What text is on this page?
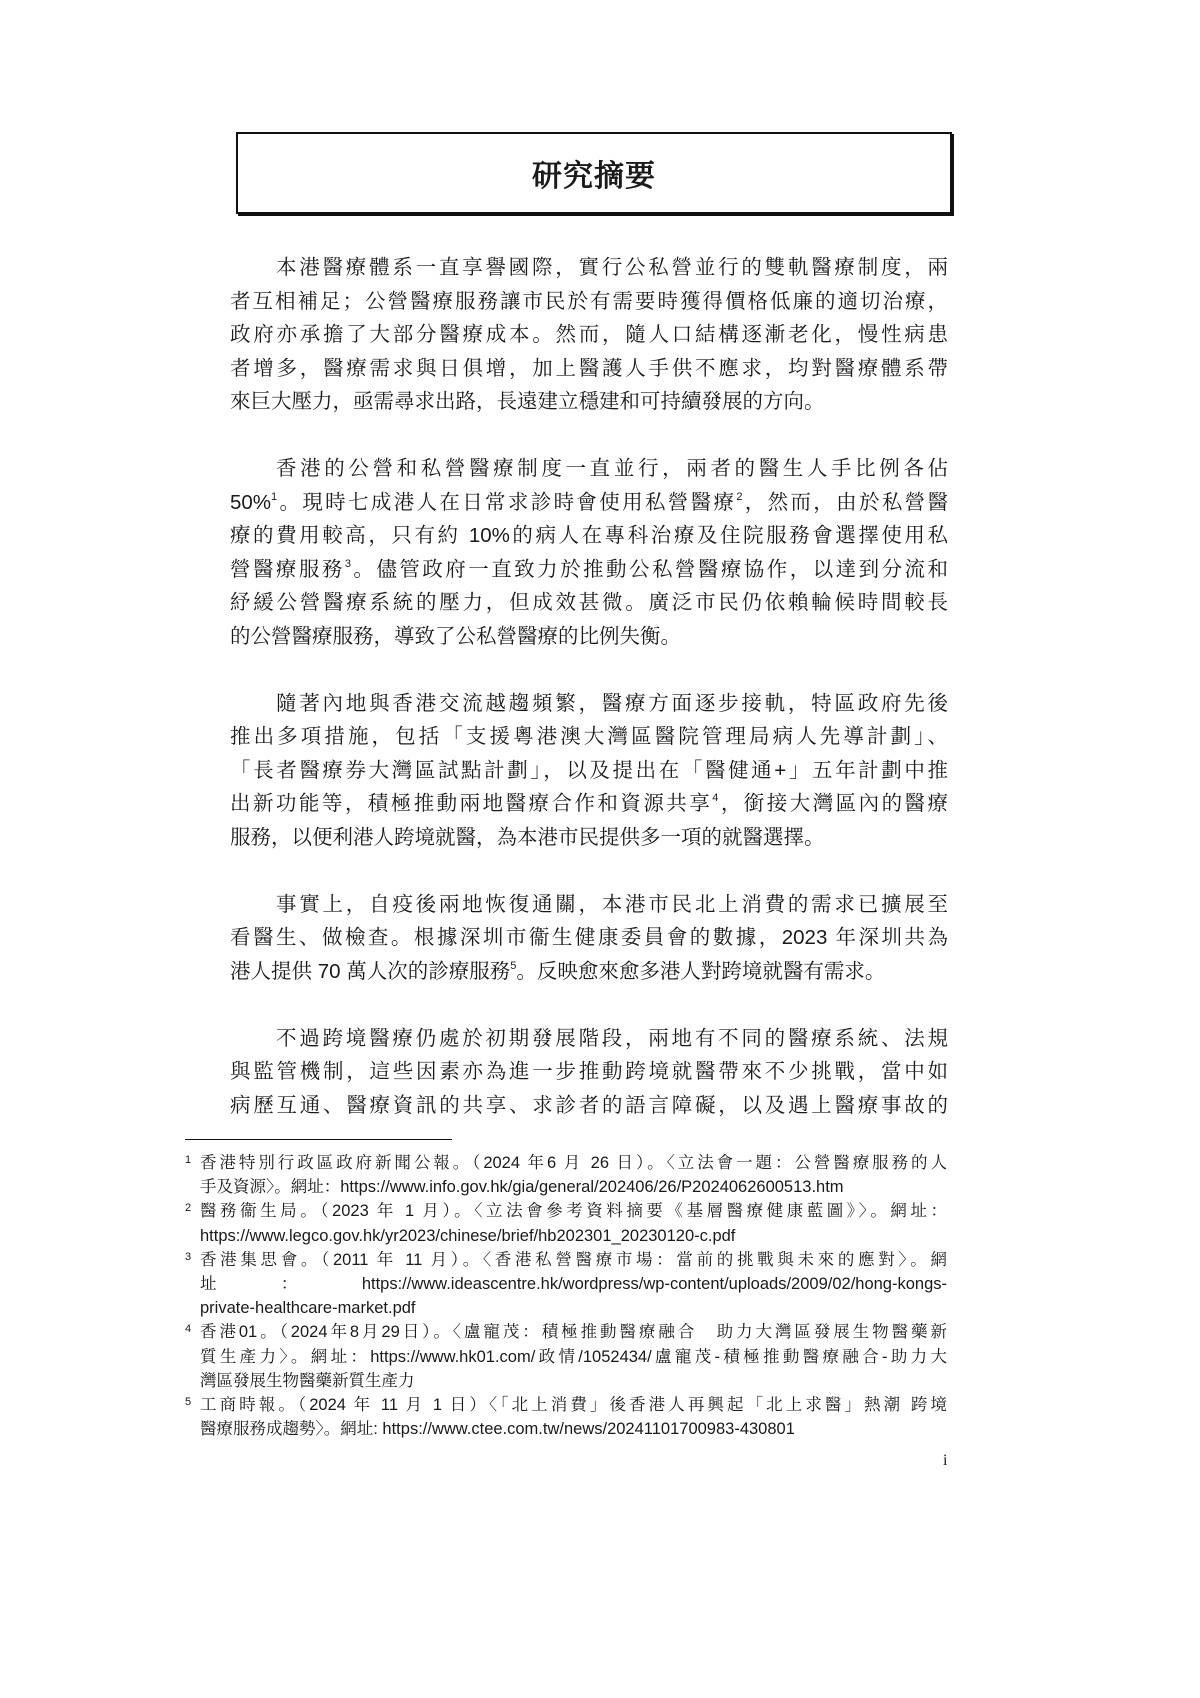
研究摘要
本港醫療體系一直享譽國際，實行公私營並行的雙軌醫療制度，兩
者互相補足；公營醫療服務讓市民於有需要時獲得價格低廉的適切治療，
政府亦承擔了大部分醫療成本。然而，隨人口結構逐漸老化，慢性病患
者增多，醫療需求與日俱增，加上醫護人手供不應求，均對醫療體系帶
來巨大壓力，亟需尋求出路，長遠建立穩建和可持續發展的方向。
香港的公營和私營醫療制度一直並行，兩者的醫生人手比例各佔
50%$^1$。現時七成港人在日常求診時會使用私營醫療$^2$，然而，由於私營醫
療的費用較高，只有約 10%的病人在專科治療及住院服務會選擇使用私
營醫療服務$^3$。儘管政府一直致力於推動公私營醫療協作，以達到分流和
紓緩公營醫療系統的壓力，但成效甚微。廣泛市民仍依賴輪候時間較長
的公營醫療服務，導致了公私營醫療的比例失衡。
隨著內地與香港交流越趨頻繁，醫療方面逐步接軌，特區政府先後
推出多項措施，包括「支援粵港澳大灣區醫院管理局病人先導計劃」、
「長者醫療券大灣區試點計劃」，以及提出在「醫健通+」五年計劃中推
出新功能等，積極推動兩地醫療合作和資源共享$^4$，銜接大灣區內的醫療
服務，以便利港人跨境就醫，為本港市民提供多一項的就醫選擇。
事實上，自疫後兩地恢復通關，本港市民北上消費的需求已擴展至
看醫生、做檢查。根據深圳市衞生健康委員會的數據，2023 年深圳共為
港人提供 70 萬人次的診療服務$^5$。反映愈來愈多港人對跨境就醫有需求。
不過跨境醫療仍處於初期發展階段，兩地有不同的醫療系統、法規
與監管機制，這些因素亦為進一步推動跨境就醫帶來不少挑戰，當中如
病歷互通、醫療資訊的共享、求診者的語言障礙，以及遇上醫療事故的
1 香港特別行政區政府新聞公報。（2024 年6 月 26 日）。〈立法會一題：公營醫療服務的人
手及資源〉。網址：https://www.info.gov.hk/gia/general/202406/26/P2024062600513.htm
2 醫務衞生局。（2023 年 1 月）。〈立法會參考資料摘要《基層醫療健康藍圖》〉。網址：
https://www.legco.gov.hk/yr2023/chinese/brief/hb202301_20230120-c.pdf
3 香港集思會。（2011 年 11 月）。〈香港私營醫療市場：當前的挑戰與未來的應對〉。網
址：https://www.ideascentre.hk/wordpress/wp-content/uploads/2009/02/hong-kongs-
private-healthcare-market.pdf
4 香港01。（2024年8月29日）。〈盧寵茂：積極推動醫療融合　助力大灣區發展生物醫藥新
質生產力〉。網址：https://www.hk01.com/政情/1052434/盧寵茂-積極推動醫療融合-助力大
灣區發展生物醫藥新質生產力
5 工商時報。（2024 年 11 月 1 日）〈「北上消費」後香港人再興起「北上求醫」熱潮 跨境
醫療服務成趨勢〉。網址: https://www.ctee.com.tw/news/20241101700983-430801
i
